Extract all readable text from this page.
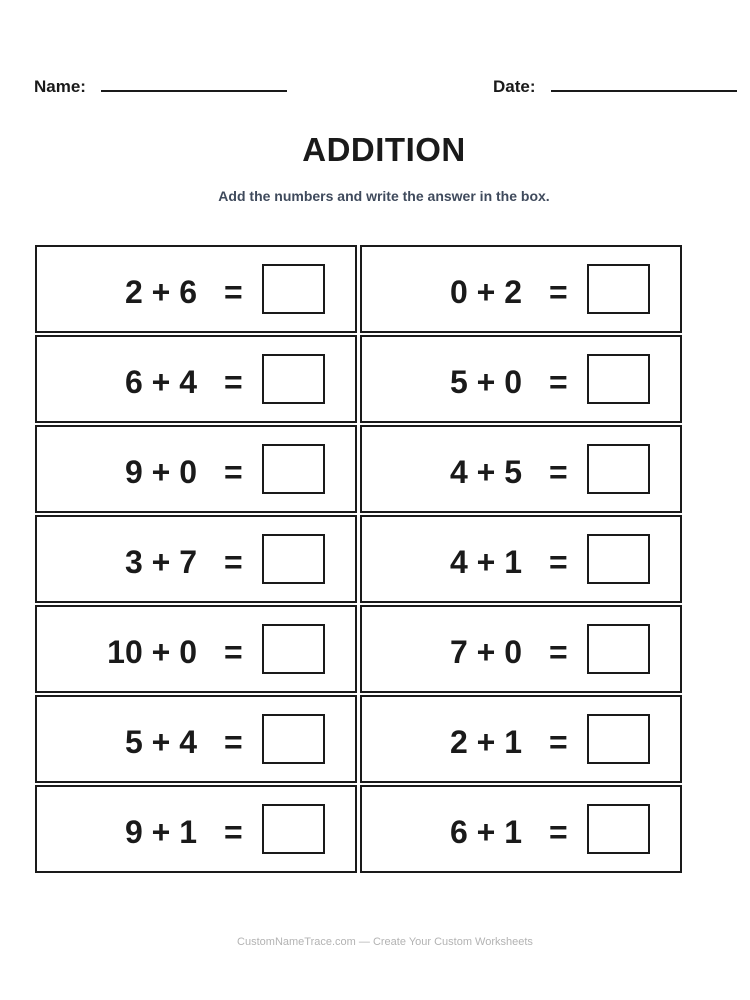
Name:	Date:
ADDITION
Add the numbers and write the answer in the box.
2 + 6 =	0 + 2 =
6 + 4 =	5 + 0 =
9 + 0 =	4 + 5 =
3 + 7 =	4 + 1 =
10 + 0 =	7 + 0 =
5 + 4 =	2 + 1 =
9 + 1 =	6 + 1 =
CustomNameTrace.com — Create Your Custom Worksheets
